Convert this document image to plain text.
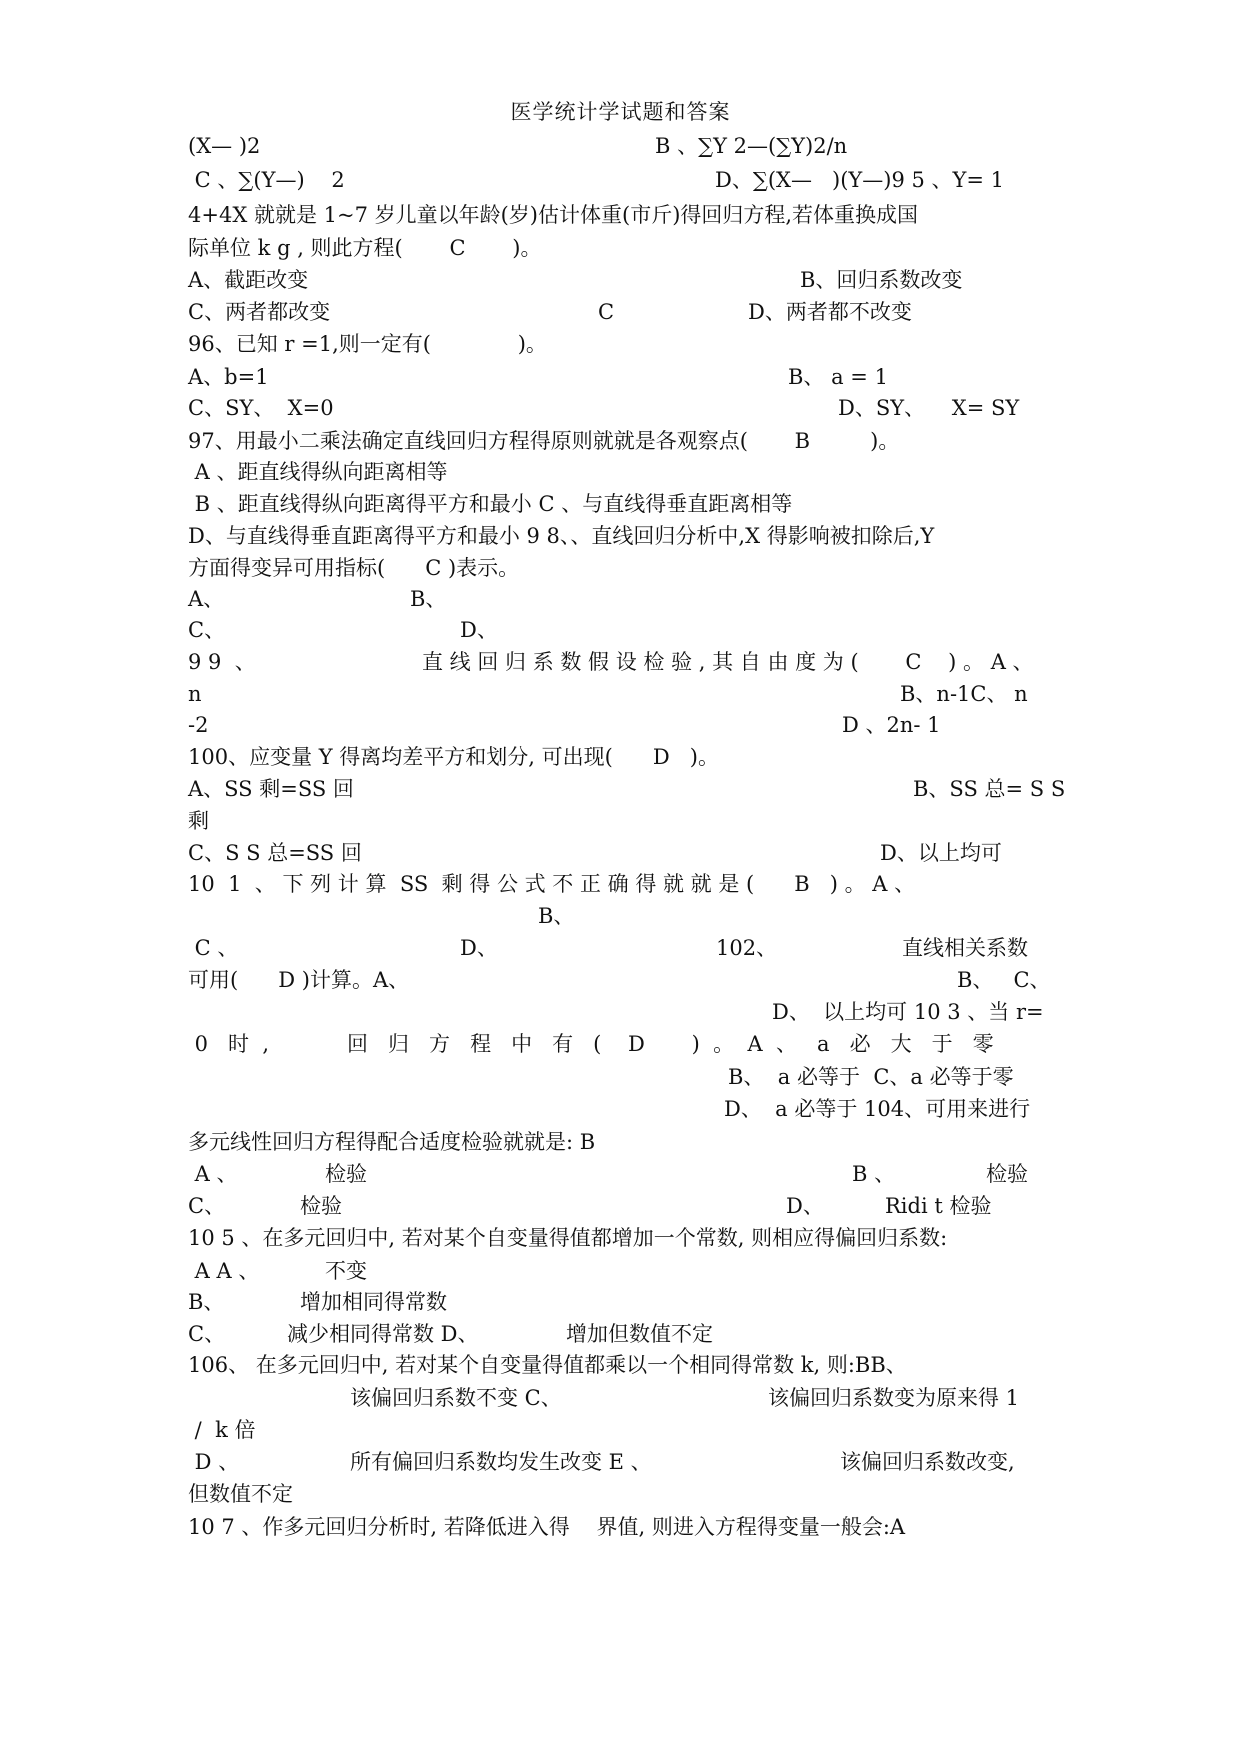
医学统计学试题和答案
(X— )2	B 、∑Y 2—(∑Y)2/n
C 、∑(Y—)    2	D、∑(X—   )(Y—)9 5 、Y= 1
4+4X 就就是 1~7 岁儿童以年龄(岁)估计体重(市斤)得回归方程,若体重换成国
际单位 k g , 则此方程(       C       )。
A、截距改变	B、回归系数改变
C、两者都改变	C	D、两者都不改变
96、已知 r =1,则一定有(             )。
A、b=1	B、 a = 1
C、SY、  X=0	D、SY、    X= SY
97、用最小二乘法确定直线回归方程得原则就就是各观察点(       B         )。
A 、距直线得纵向距离相等
B 、距直线得纵向距离得平方和最小 C 、与直线得垂直距离相等
D、与直线得垂直距离得平方和最小 9 8、、直线回归分析中,X 得影响被扣除后,Y
方面得变异可用指标(      C )表示。
A、	B、
C、	D、
9 9  、	直 线 回 归 系 数 假 设 检 验 , 其 自 由 度 为 (       C    ) 。 A 、
n	B、n-1C、 n
-2	D 、2n- 1
100、应变量 Y 得离均差平方和划分, 可出现(      D   )。
A、SS 剩=SS 回	B、SS 总= S S
剩
C、S S 总=SS 回	D、以上均可
10  1  、 下 列 计 算  SS  剩 得 公 式 不 正 确 得 就 就 是 (      B   ) 。 A 、
B、
C 、	D、	102、	直线相关系数
可用(      D )计算。A、	B、   C、
D、  以上均可 10 3 、当 r=
0   时  ,	回   归   方   程   中   有   (    D       )  。  A  、   a   必   大   于   零
B、  a 必等于  C、a 必等于零
D、  a 必等于 104、可用来进行
多元线性回归方程得配合适度检验就就是: B
A 、	检验	B 、	检验
C、	检验	D、	Ridi t 检验
10 5 、在多元回归中, 若对某个自变量得值都增加一个常数, 则相应得偏回归系数:
A A 、	不变
B、	增加相同得常数
C、	减少相同得常数 D、	增加但数值不定
106、 在多元回归中, 若对某个自变量得值都乘以一个相同得常数 k, 则:BB、
该偏回归系数不变 C、	该偏回归系数变为原来得 1
/  k 倍
D 、	所有偏回归系数均发生改变 E 、	该偏回归系数改变,
但数值不定
10 7 、作多元回归分析时, 若降低进入得    界值, 则进入方程得变量一般会:A
